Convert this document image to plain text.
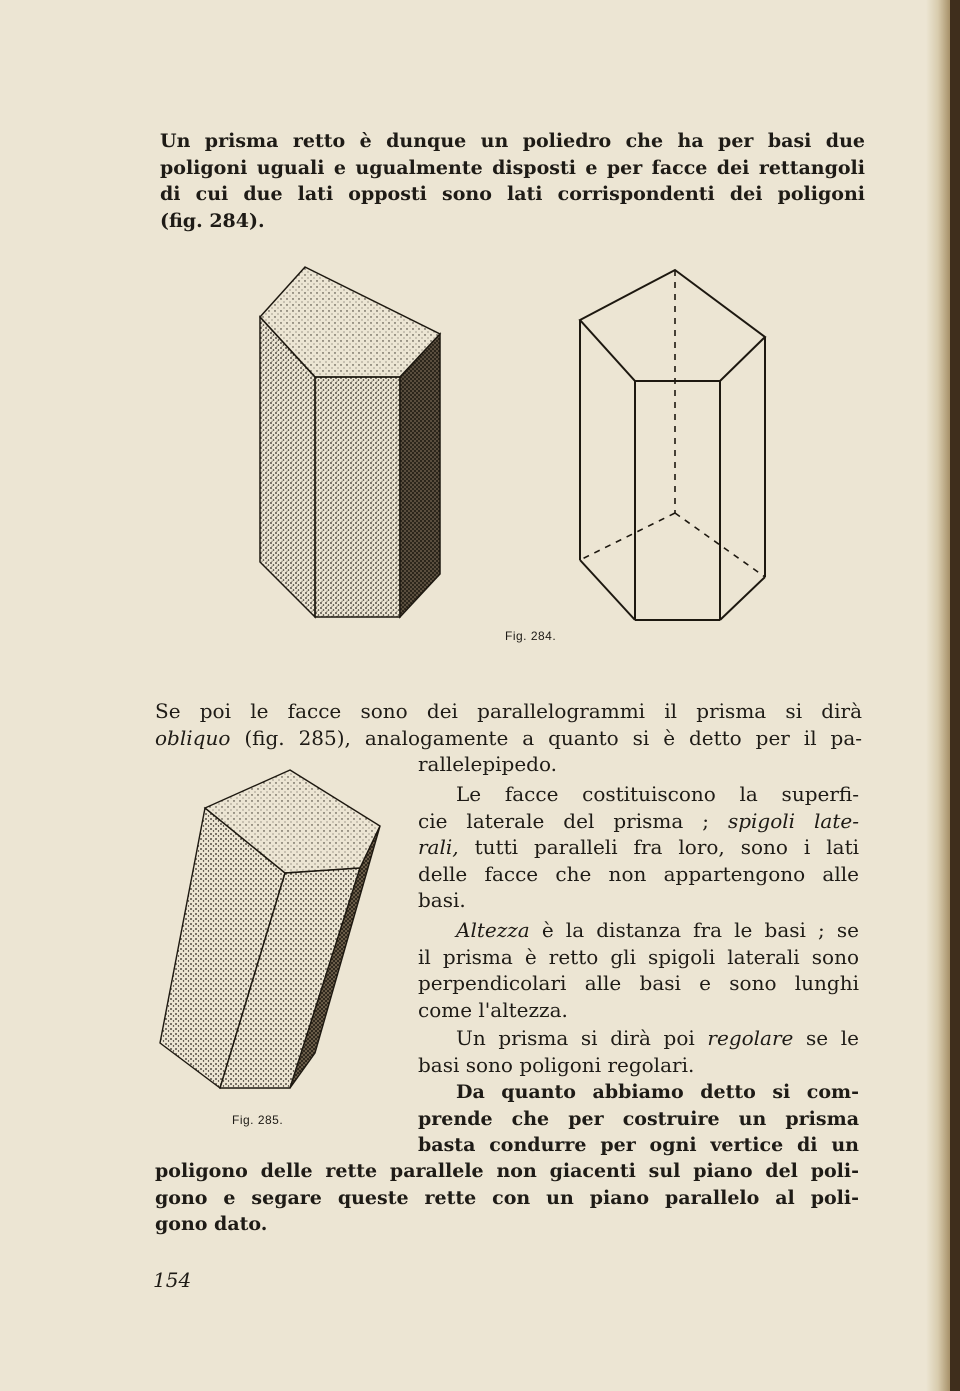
Un prisma retto è dunque un poliedro che ha per basi due
poligoni uguali e ugualmente disposti e per facce dei rettangoli
di cui due lati opposti sono lati corrispondenti dei poligoni
(fig. 284).
Fig. 284.
Se poi le facce sono dei parallelogrammi il prisma si dirà
obliquo (fig. 285), analogamente a quanto si è detto per il pa-
rallelepipedo.
Fig. 285.
Le facce costituiscono la superfi-
cie laterale del prisma ; spigoli late-
rali, tutti paralleli fra loro, sono i lati
delle facce che non appartengono alle
basi.
Altezza è la distanza fra le basi ; se
il prisma è retto gli spigoli laterali sono
perpendicolari alle basi e sono lunghi
come l'altezza.
Un prisma si dirà poi regolare se le
basi sono poligoni regolari.
Da quanto abbiamo detto si com-
prende che per costruire un prisma
basta condurre per ogni vertice di un
poligono delle rette parallele non giacenti sul piano del poli-
gono e segare queste rette con un piano parallelo al poli-
gono dato.
154
